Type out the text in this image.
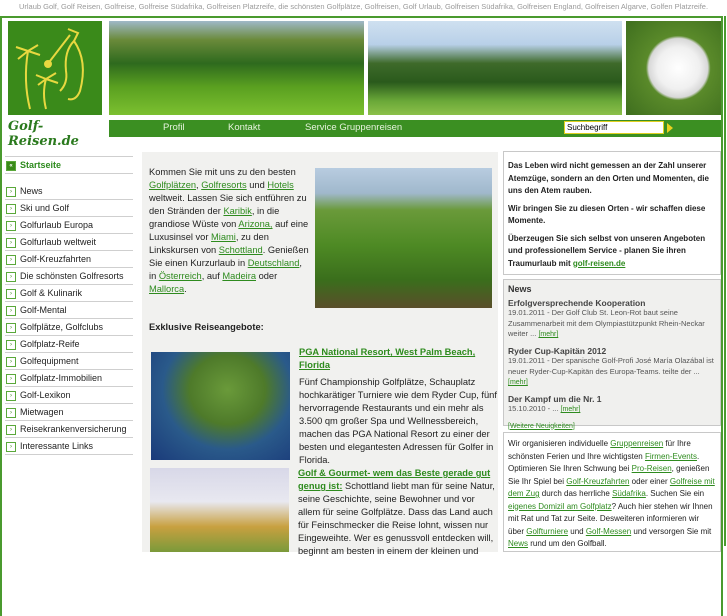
Urlaub Golf, Golf Reisen, Golfreise, Golfreise Südafrika, Golfreisen Platzreife, die schönsten Golfplätze, Golfreisen, Golf Urlaub, Golfreisen Südafrika, Golfreisen England, Golfreisen Algarve, Golfen Platzreife.
Golf-Reisen.de
Profil	Kontakt	Service Gruppenreisen	Suchbegriff
« Startseite
› News
› Ski und Golf
› Golfurlaub Europa
› Golfurlaub weltweit
› Golf-Kreuzfahrten
› Die schönsten Golfresorts
› Golf & Kulinarik
› Golf-Mental
› Golfplätze, Golfclubs
› Golfplatz-Reife
› Golfequipment
› Golfplatz-Immobilien
› Golf-Lexikon
› Mietwagen
› Reisekrankenversicherung
› Interessante Links
Kommen Sie mit uns zu den besten Golfplätzen, Golfresorts und Hotels weltweit. Lassen Sie sich entführen zu den Stränden der Karibik, in die grandiose Wüste von Arizona, auf eine Luxusinsel vor Miami, zu den Linkskursen von Schottland. Genießen Sie einen Kurzurlaub in Deutschland, in Österreich, auf Madeira oder Mallorca.
Exklusive Reiseangebote:
PGA National Resort, West Palm Beach, Florida
Fünf Championship Golfplätze, Schauplatz hochkarätiger Turniere wie dem Ryder Cup, fünf hervorragende Restaurants und ein mehr als 3.500 qm großer Spa und Wellnessbereich, machen das PGA National Resort zu einer der besten und elegantesten Adressen für Golfer in Florida.
Golf & Gourmet- wem das Beste gerade gut genug ist: Schottland liebt man für seine Natur, seine Geschichte, seine Bewohner und vor allem für seine Golfplätze. Dass das Land auch für Feinschmecker die Reise lohnt, wissen nur Eingeweihte. Wer es genussvoll entdecken will, beginnt am besten in einem der kleinen und

Das Leben wird nicht gemessen an der Zahl unserer Atemzüge, sondern an den Orten und Momenten, die uns den Atem rauben.

Wir bringen Sie zu diesen Orten - wir schaffen diese Momente.

Überzeugen Sie sich selbst von unseren Angeboten und professionellem Service - planen Sie ihren Traumurlaub mit golf-reisen.de

News
Erfolgversprechende Kooperation
19.01.2011 - Der Golf Club St. Leon-Rot baut seine Zusammenarbeit mit dem Olympiastützpunkt Rhein-Neckar weiter ... [mehr]
Ryder Cup-Kapitän 2012
19.01.2011 - Der spanische Golf-Profi José María Olazábal ist neuer Ryder-Cup-Kapitän des Europa-Teams. teilte der ... [mehr]
Der Kampf um die Nr. 1
15.10.2010 - ... [mehr]
[Weitere Neuigkeiten]
Wir organisieren individuelle Gruppenreisen für Ihre schönsten Ferien und Ihre wichtigsten Firmen-Events. Optimieren Sie Ihren Schwung bei Pro-Reisen, genießen Sie Ihr Spiel bei Golf-Kreuzfahrten oder einer Golfreise mit dem Zug durch das herrliche Südafrika. Suchen Sie ein eigenes Domizil am Golfplatz? Auch hier stehen wir Ihnen mit Rat und Tat zur Seite. Desweiteren informieren wir über Golfturniere und Golf-Messen und versorgen Sie mit News rund um den Golfball.
